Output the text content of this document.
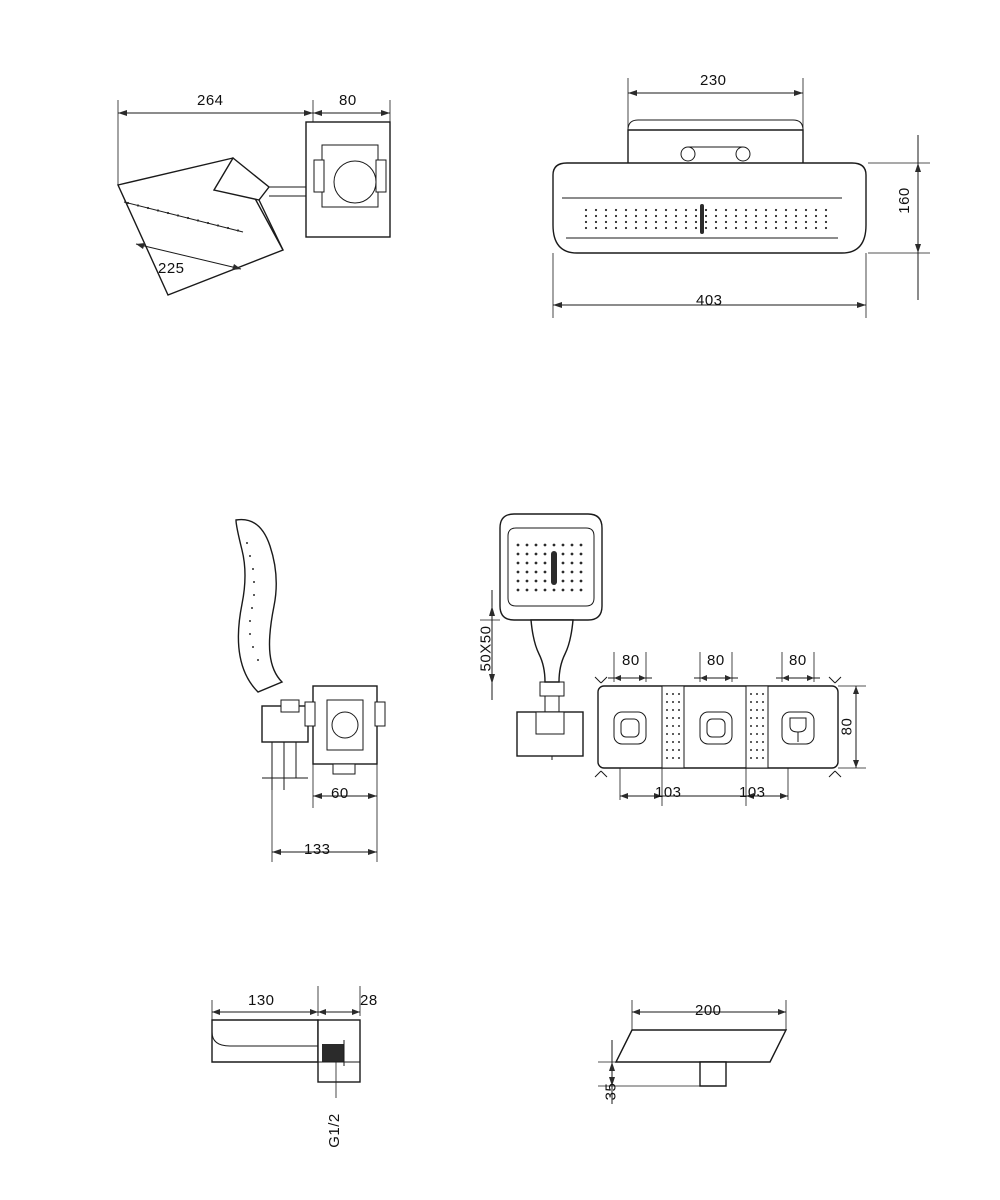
264	80
225
230
160
403
60
133
50X50	80	80	80
80
103	103
130	28
G1/2
200
35
